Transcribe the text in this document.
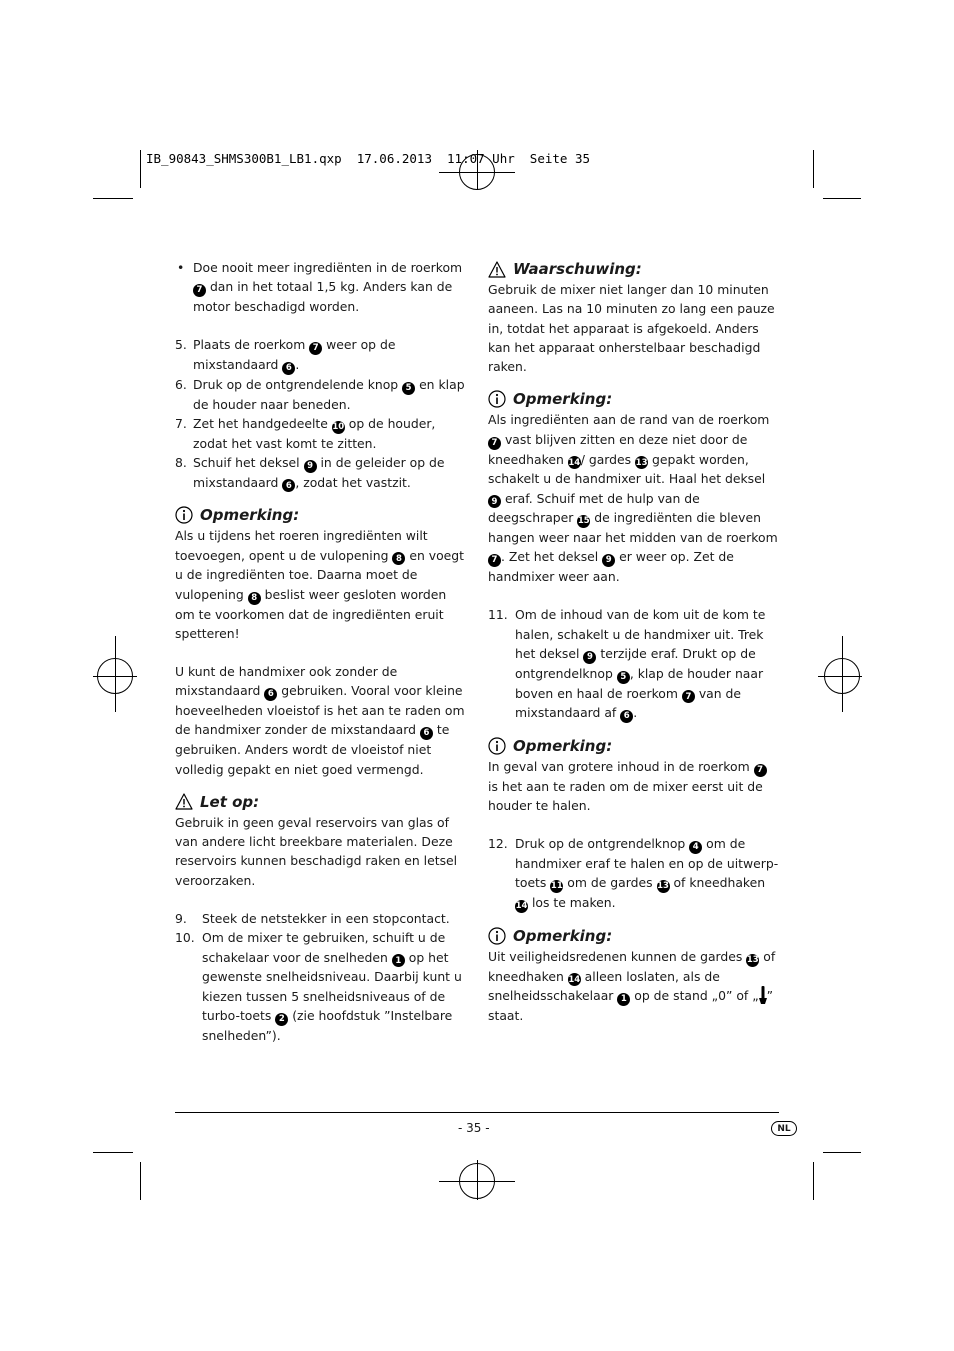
IB_90843_SHMS300B1_LB1.qxp  17.06.2013  11:07 Uhr  Seite 35

• Doe nooit meer ingrediënten in de roerkom 7 dan in het totaal 1,5 kg. Anders kan de motor beschadigd worden.

5. Plaats de roerkom 7 weer op de mixstandaard 6 .

6. Druk op de ontgrendelende knop 5 en klap de houder naar beneden.

7. Zet het handgedeelte 10 op de houder, zodat het vast komt te zitten.

8. Schuif het deksel 9 in de geleider op de mixstandaard 6 , zodat het vastzit.

Opmerking:

Als u tijdens het roeren ingrediënten wilt toevoegen, opent u de vulopening 8 en voegt u de ingrediënten toe. Daarna moet de vulopening 8 beslist weer gesloten worden om te voorkomen dat de ingrediënten eruit spetteren!

U kunt de handmixer ook zonder de mixstandaard 6 gebruiken. Vooral voor kleine hoeveelheden vloeistof is het aan te raden om de handmixer zonder de mixstandaard 6 te gebruiken. Anders wordt de vloeistof niet volledig gepakt en niet goed vermengd.

Let op:

Gebruik in geen geval reservoirs van glas of van andere licht breekbare materialen. Deze reservoirs kunnen beschadigd raken en letsel veroorzaken.

9. Steek de netstekker in een stopcontact.

10. Om de mixer te gebruiken, schuift u de schakelaar voor de snelheden 1 op het gewenste snelheidsniveau. Daarbij kunt u kiezen tussen 5 snelheidsniveaus of de turbo-toets 2 (zie hoofdstuk ”Instelbare snelheden”).

Waarschuwing:

Gebruik de mixer niet langer dan 10 minuten aaneen. Las na 10 minuten zo lang een pauze in, totdat het apparaat is afgekoeld. Anders kan het apparaat onherstelbaar beschadigd raken.

Opmerking:

Als ingrediënten aan de rand van de roerkom 7 vast blijven zitten en deze niet door de kneedhaken 14/ gardes 13 gepakt worden, schakelt u de handmixer uit. Haal het deksel 9 eraf. Schuif met de hulp van de deegschraper 15 de ingrediënten die bleven hangen weer naar het midden van de roerkom 7 . Zet het deksel 9 er weer op. Zet de handmixer weer aan.

11. Om de inhoud van de kom uit de kom te halen, schakelt u de handmixer uit. Trek het deksel 9 terzijde eraf. Drukt op de ontgrendelknop 5 , klap de houder naar boven en haal de roerkom 7 van de mixstandaard af 6 .

Opmerking:

In geval van grotere inhoud in de roerkom 7 is het aan te raden om de mixer eerst uit de houder te halen.

12. Druk op de ontgrendelknop 4 om de handmixer eraf te halen en op de uitwerp-toets 11 om de gardes 13 of kneedhaken 14 los te maken.

Opmerking:

Uit veiligheidsredenen kunnen de gardes 13 of kneedhaken 14 alleen loslaten, als de snelheidsschakelaar 1 op de stand „0” of „ ” staat.

- 35 -	NL
